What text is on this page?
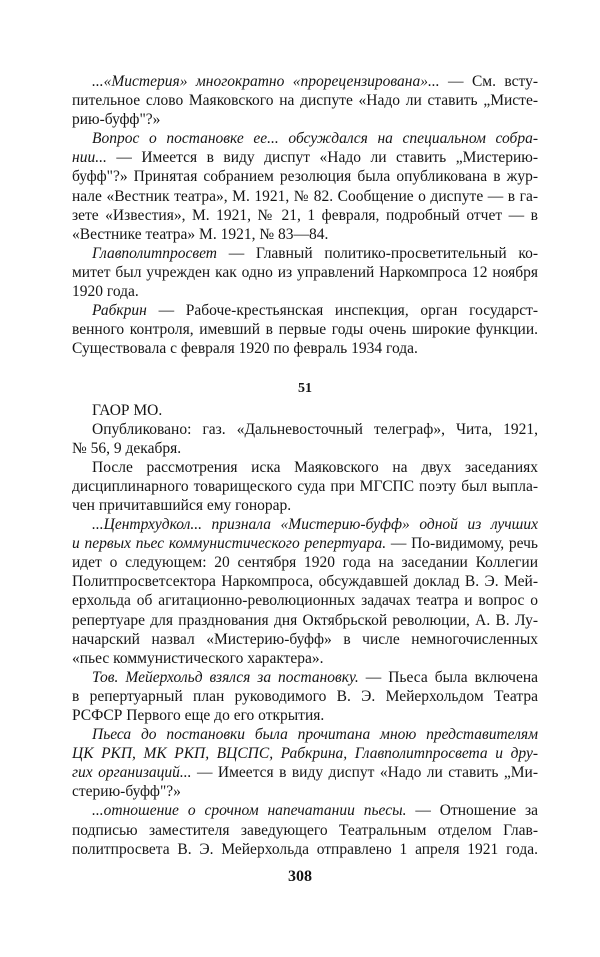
...«Мистерия» многократно «прорецензирована»... — См. всту-
пительное слово Маяковского на диспуте «Надо ли ставить „Мисте-
рию-буфф"?»
Вопрос о постановке ее... обсуждался на специальном собра-
нии... — Имеется в виду диспут «Надо ли ставить „Мистерию-
буфф"?» Принятая собранием резолюция была опубликована в жур-
нале «Вестник театра», М. 1921, № 82. Сообщение о диспуте — в га-
зете «Известия», М. 1921, № 21, 1 февраля, подробный отчет — в
«Вестнике театра» М. 1921, № 83—84.
Главполитпросвет — Главный политико-просветительный ко-
митет был учрежден как одно из управлений Наркомпроса 12 ноября
1920 года.
Рабкрин — Рабоче-крестьянская инспекция, орган государст-
венного контроля, имевший в первые годы очень широкие функции.
Существовала с февраля 1920 по февраль 1934 года.
51
ГАОР МО.
Опубликовано: газ. «Дальневосточный телеграф», Чита, 1921,
№ 56, 9 декабря.
После рассмотрения иска Маяковского на двух заседаниях
дисциплинарного товарищеского суда при МГСПС поэту был выпла-
чен причитавшийся ему гонорар.
...Центрхудкол... признала «Мистерию-буфф» одной из лучших
и первых пьес коммунистического репертуара. — По-видимому, речь
идет о следующем: 20 сентября 1920 года на заседании Коллегии
Политпросветсектора Наркомпроса, обсуждавшей доклад В. Э. Мей-
ерхольда об агитационно-революционных задачах театра и вопрос о
репертуаре для празднования дня Октябрьской революции, А. В. Лу-
начарский назвал «Мистерию-буфф» в числе немногочисленных
«пьес коммунистического характера».
Тов. Мейерхольд взялся за постановку. — Пьеса была включена
в репертуарный план руководимого В. Э. Мейерхольдом Театра
РСФСР Первого еще до его открытия.
Пьеса до постановки была прочитана мною представителям
ЦК РКП, МК РКП, ВЦСПС, Рабкрина, Главполитпросвета и дру-
гих организаций... — Имеется в виду диспут «Надо ли ставить „Ми-
стерию-буфф"?»
...отношение о срочном напечатании пьесы. — Отношение за
подписью заместителя заведующего Театральным отделом Глав-
политпросвета В. Э. Мейерхольда отправлено 1 апреля 1921 года.
308
